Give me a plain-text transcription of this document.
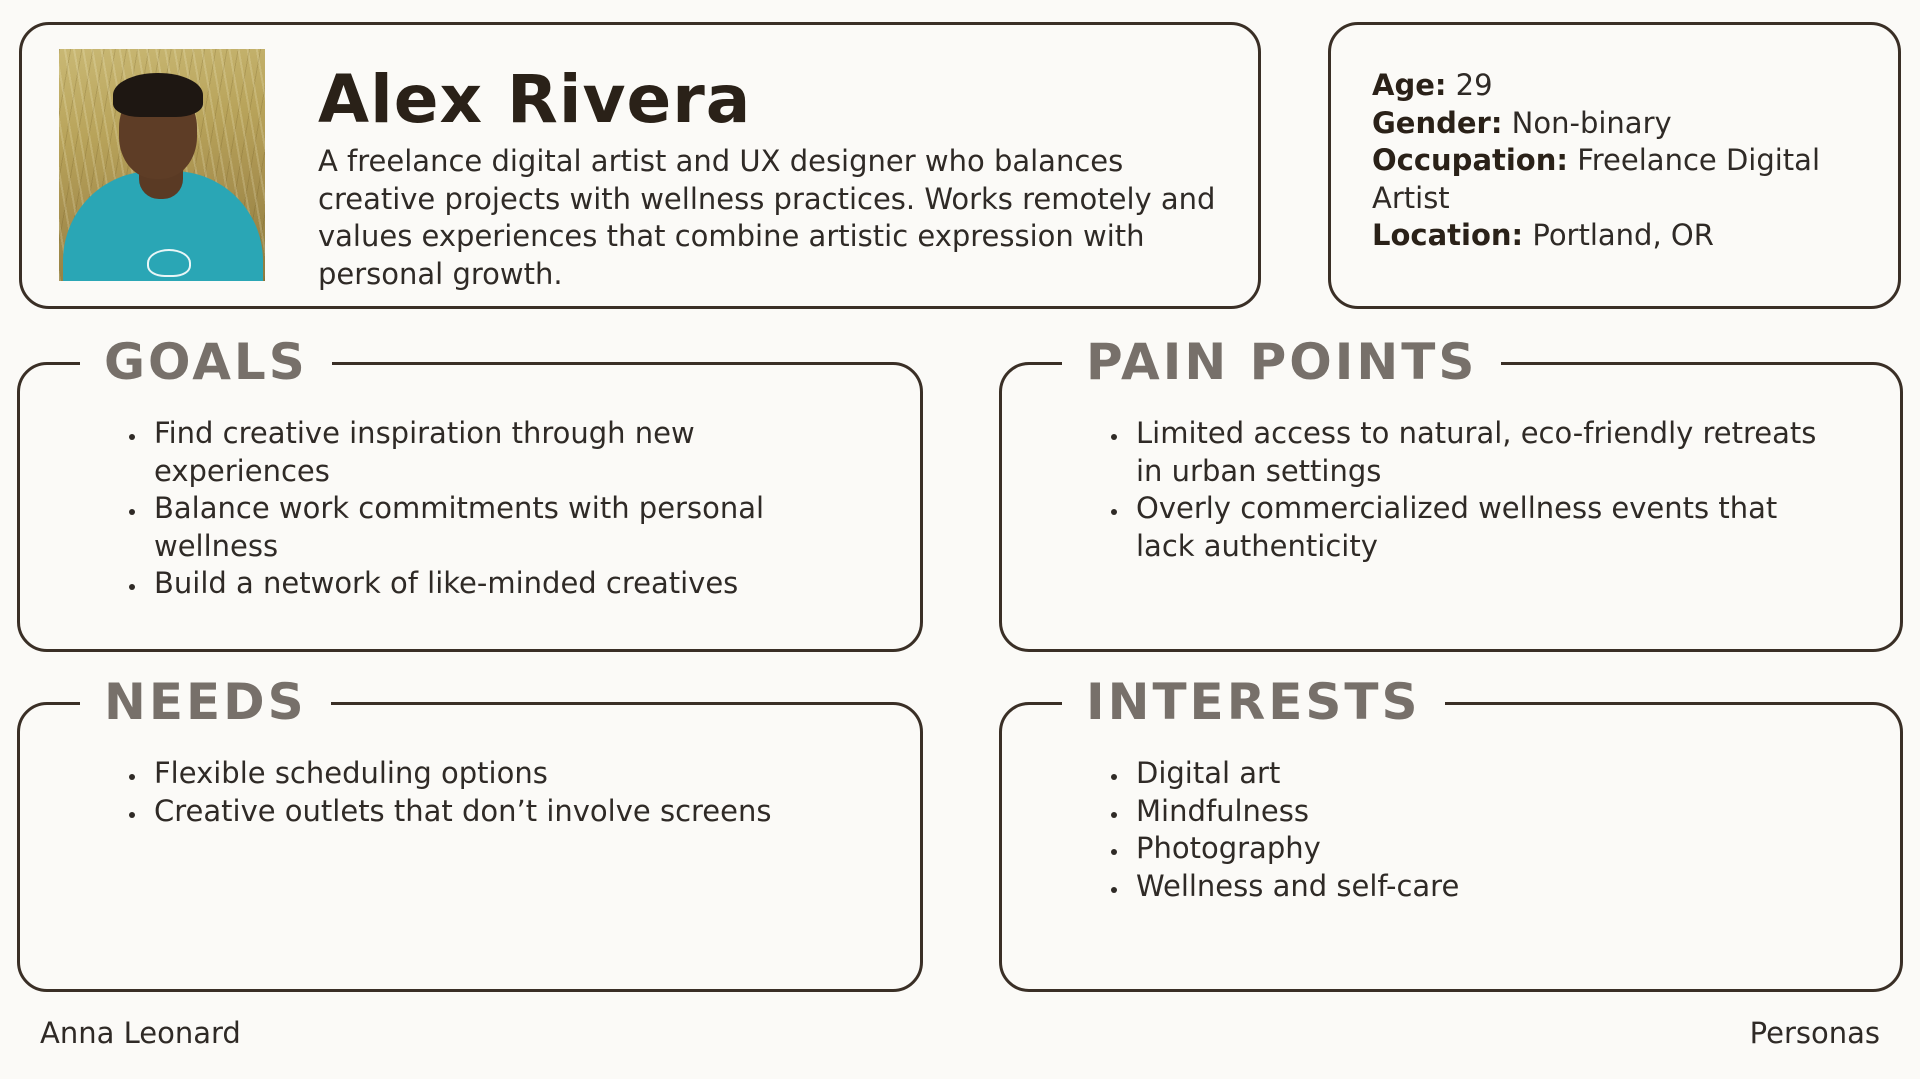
Alex Rivera

A freelance digital artist and UX designer who balances creative projects with wellness practices. Works remotely and values experiences that combine artistic expression with personal growth.

Age: 29
Gender: Non-binary
Occupation: Freelance Digital Artist
Location: Portland, OR
GOALS
• Find creative inspiration through new experiences
• Balance work commitments with personal wellness
• Build a network of like-minded creatives
PAIN POINTS
• Limited access to natural, eco-friendly retreats in urban settings
• Overly commercialized wellness events that lack authenticity
NEEDS
• Flexible scheduling options
• Creative outlets that don’t involve screens
INTERESTS
• Digital art
• Mindfulness
• Photography
• Wellness and self-care
Anna Leonard	Personas
